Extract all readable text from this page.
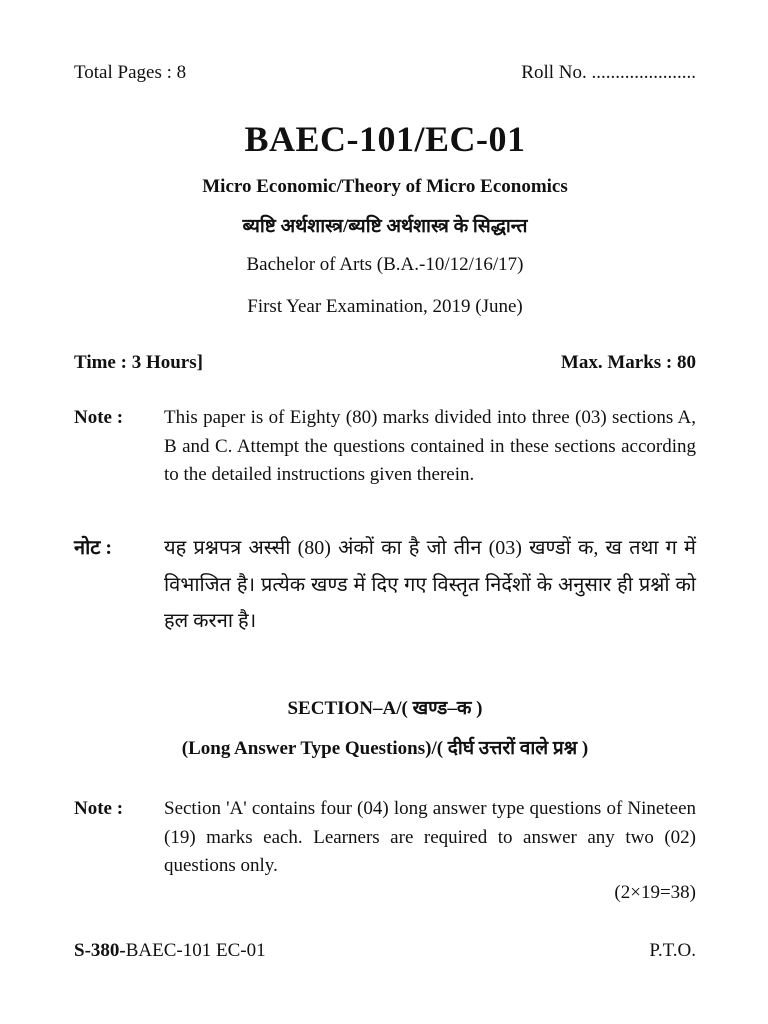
Total Pages : 8	Roll No. ......................
BAEC-101/EC-01
Micro Economic/Theory of Micro Economics
ब्यष्टि अर्थशास्त्र/ब्यष्टि अर्थशास्त्र के सिद्धान्त
Bachelor of Arts (B.A.-10/12/16/17)
First Year Examination, 2019 (June)
Time : 3 Hours]	Max. Marks : 80
Note :	This paper is of Eighty (80) marks divided into three (03) sections A, B and C. Attempt the questions contained in these sections according to the detailed instructions given therein.
नोट :	यह प्रश्नपत्र अस्सी (80) अंकों का है जो तीन (03) खण्डों क, ख तथा ग में विभाजित है। प्रत्येक खण्ड में दिए गए विस्तृत निर्देशों के अनुसार ही प्रश्नों को हल करना है।
SECTION–A/( खण्ड–क )
(Long Answer Type Questions)/( दीर्घ उत्तरों वाले प्रश्न )
Note :	Section 'A' contains four (04) long answer type questions of Nineteen (19) marks each. Learners are required to answer any two (02) questions only.
(2×19=38)
S-380-BAEC-101 EC-01	P.T.O.
